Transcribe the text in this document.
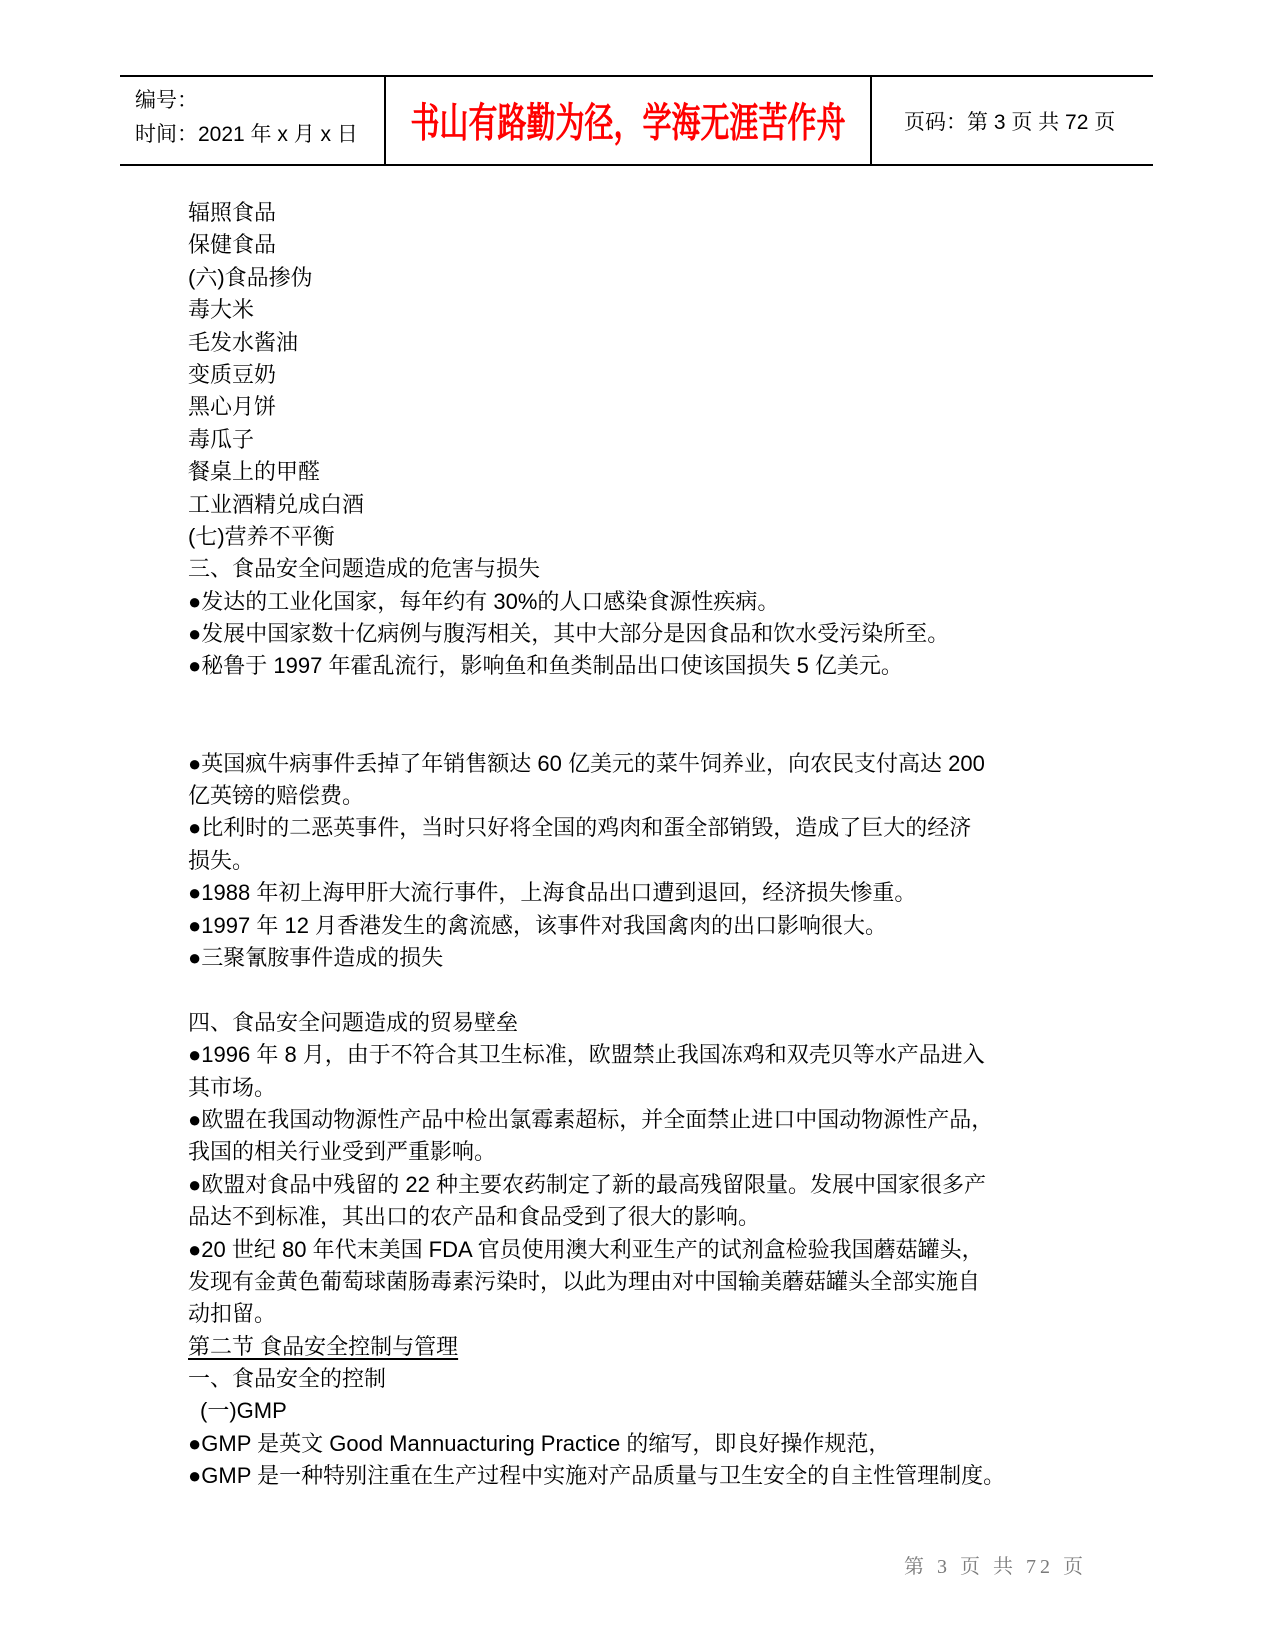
编号：
时间：2021 年 x 月 x 日	书山有路勤为径，学海无涯苦作舟	页码：第 3 页 共 72 页
辐照食品
保健食品
(六)食品掺伪
毒大米
毛发水酱油
变质豆奶
黑心月饼
毒瓜子
餐桌上的甲醛
工业酒精兑成白酒
(七)营养不平衡
三、食品安全问题造成的危害与损失
●发达的工业化国家，每年约有 30%的人口感染食源性疾病。
●发展中国家数十亿病例与腹泻相关，其中大部分是因食品和饮水受污染所至。
●秘鲁于 1997 年霍乱流行，影响鱼和鱼类制品出口使该国损失 5 亿美元。

●英国疯牛病事件丢掉了年销售额达 60 亿美元的菜牛饲养业，向农民支付高达 200
亿英镑的赔偿费。
●比利时的二恶英事件，当时只好将全国的鸡肉和蛋全部销毁，造成了巨大的经济
损失。
●1988 年初上海甲肝大流行事件，上海食品出口遭到退回，经济损失惨重。
●1997 年 12 月香港发生的禽流感，该事件对我国禽肉的出口影响很大。
●三聚氰胺事件造成的损失

四、食品安全问题造成的贸易壁垒
●1996 年 8 月，由于不符合其卫生标准，欧盟禁止我国冻鸡和双壳贝等水产品进入
其市场。
●欧盟在我国动物源性产品中检出氯霉素超标，并全面禁止进口中国动物源性产品，
我国的相关行业受到严重影响。
●欧盟对食品中残留的 22 种主要农药制定了新的最高残留限量。发展中国家很多产
品达不到标准，其出口的农产品和食品受到了很大的影响。
●20 世纪 80 年代末美国 FDA 官员使用澳大利亚生产的试剂盒检验我国蘑菇罐头，
发现有金黄色葡萄球菌肠毒素污染时，以此为理由对中国输美蘑菇罐头全部实施自
动扣留。
第二节 食品安全控制与管理
一、食品安全的控制
(一)GMP
●GMP 是英文 Good Mannuacturing Practice 的缩写，即良好操作规范，
●GMP 是一种特别注重在生产过程中实施对产品质量与卫生安全的自主性管理制度。
第 3 页 共 72 页
